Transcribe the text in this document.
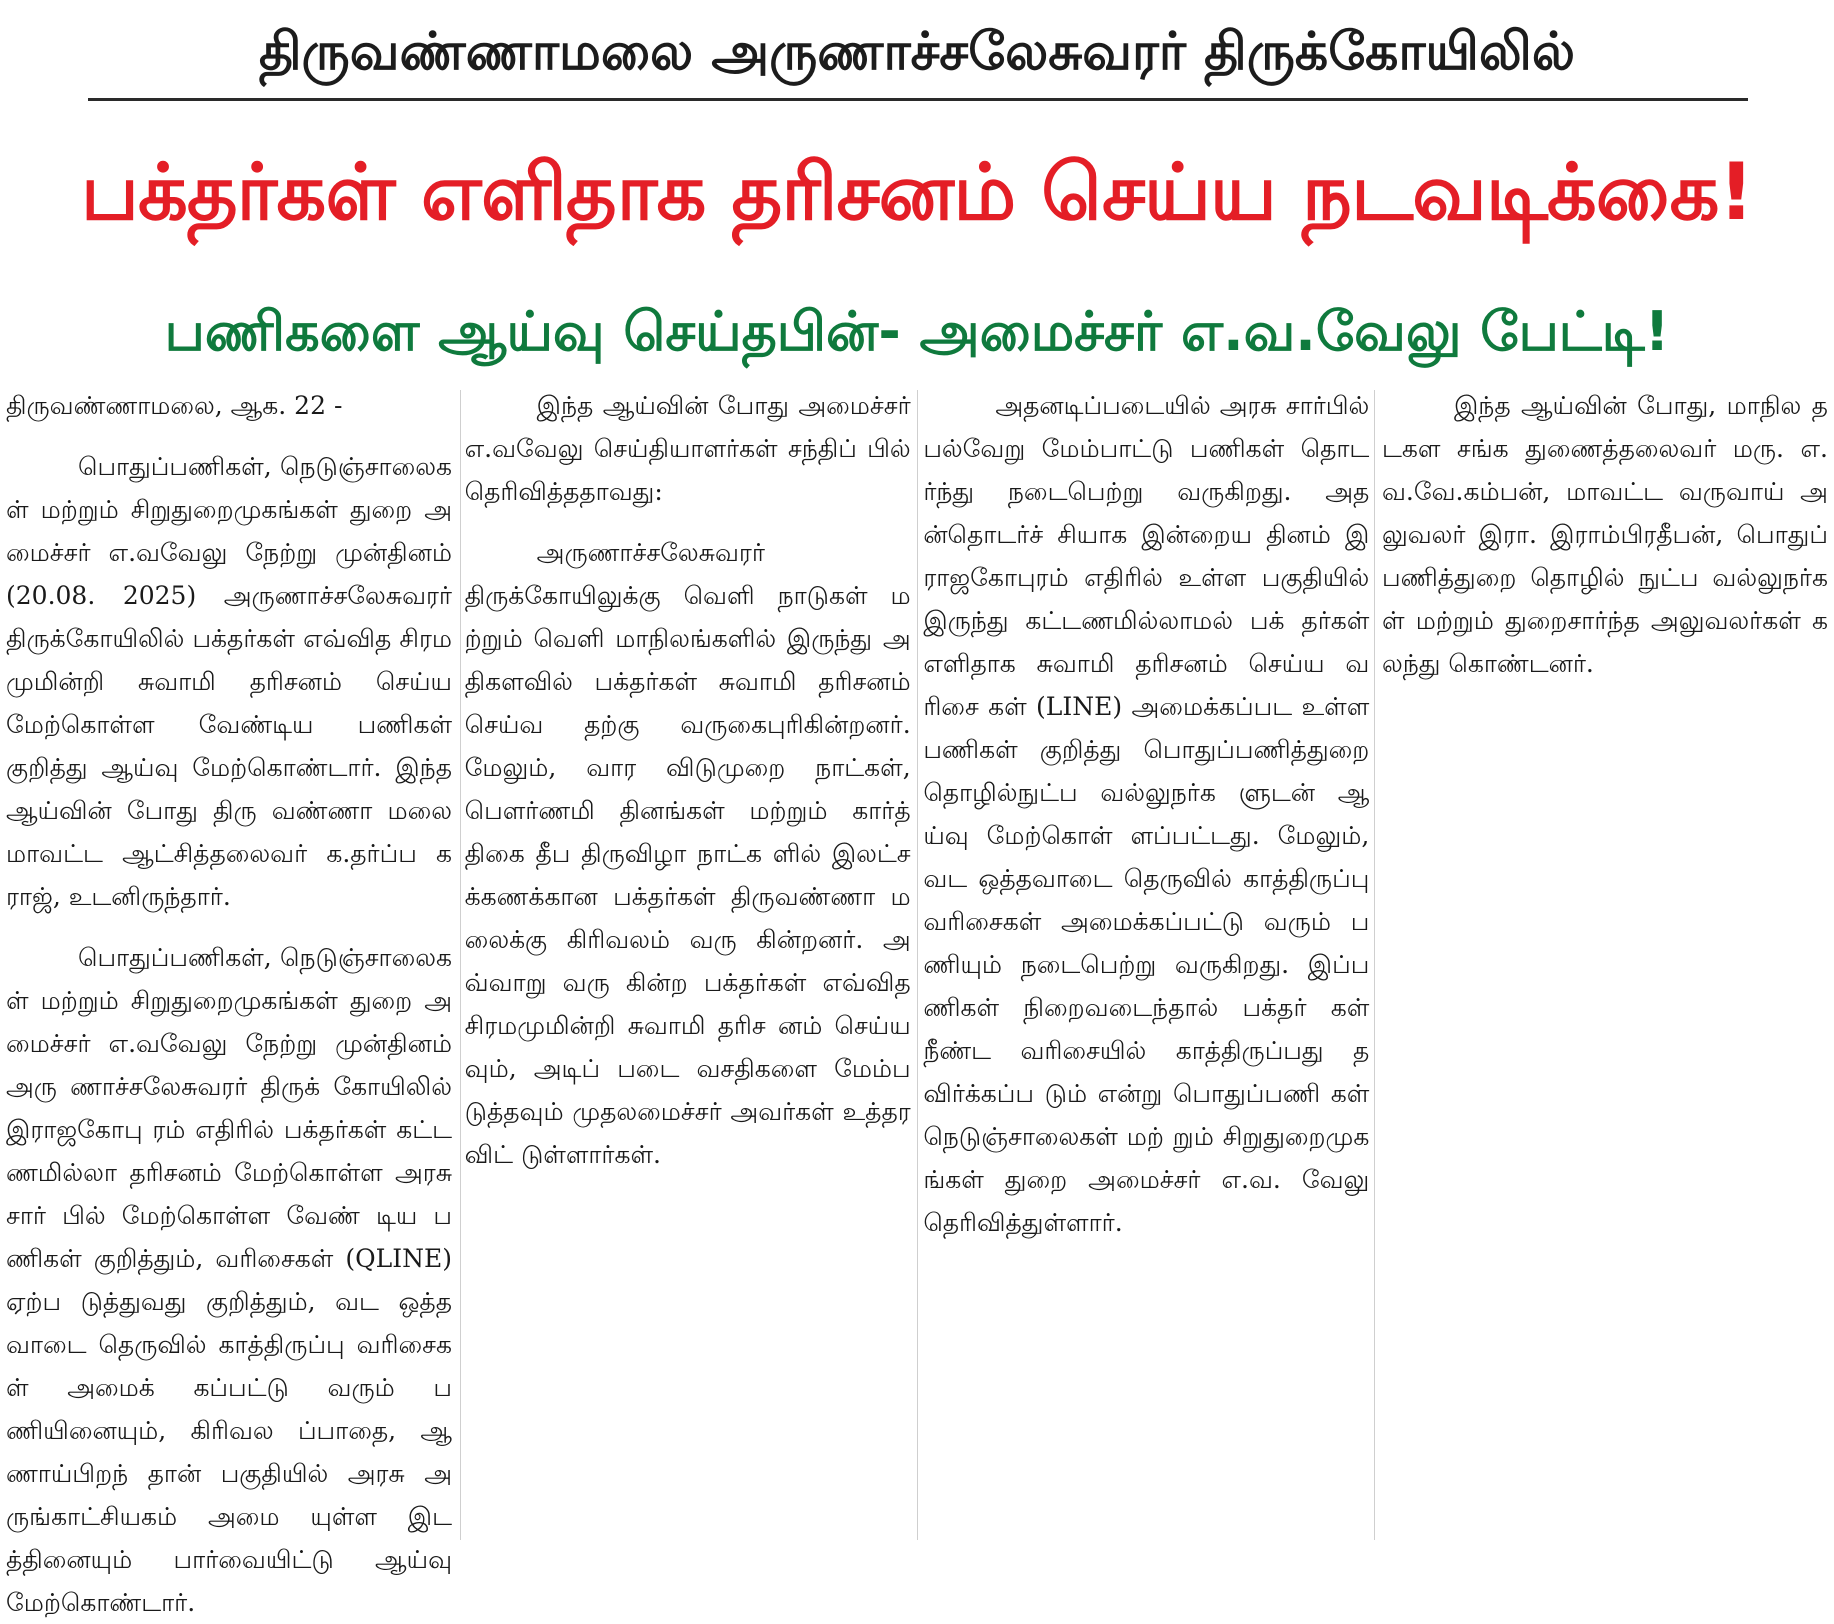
திருவண்ணாமலை அருணாச்சலேசுவரர் திருக்கோயிலில்
பக்தர்கள் எளிதாக தரிசனம் செய்ய நடவடிக்கை!
பணிகளை ஆய்வு செய்தபின்- அமைச்சர் எ.வ.வேலு பேட்டி!

திருவண்ணாமலை, ஆக. 22 -

பொதுப்பணிகள், நெடுஞ்சாலைகள் மற்றும் சிறுதுறைமுகங்கள் துறை அமைச்சர் எ.வவேலு நேற்று முன்தினம் (20.08. 2025) அருணாச்சலேசுவரர் திருக்கோயிலில் பக்தர்கள் எவ்வித சிரமமுமின்றி சுவாமி தரிசனம் செய்ய மேற்கொள்ள வேண்டிய பணிகள் குறித்து ஆய்வு மேற்கொண்டார். இந்த ஆய்வின் போது திரு வண்ணா மலை மாவட்ட ஆட்சித்தலைவர் க.தர்ப்ப கராஜ், உடனிருந்தார்.

பொதுப்பணிகள், நெடுஞ்சாலைகள் மற்றும் சிறுதுறைமுகங்கள் துறை அமைச்சர் எ.வவேலு நேற்று முன்தினம் அரு ணாச்சலேசுவரர் திருக் கோயிலில் இராஜகோபு ரம் எதிரில் பக்தர்கள் கட்டணமில்லா தரிசனம் மேற்கொள்ள அரசு சார் பில் மேற்கொள்ள வேண் டிய பணிகள் குறித்தும், வரிசைகள் (QLINE) ஏற்ப டுத்துவது குறித்தும், வட ஒத்தவாடை தெருவில் காத்திருப்பு வரிசைகள் அமைக் கப்பட்டு வரும் பணியினையும், கிரிவல ப்பாதை, ஆணாய்பிறந் தான் பகுதியில் அரசு அருங்காட்சியகம் அமை யுள்ள இடத்தினையும் பார்வையிட்டு ஆய்வு மேற்கொண்டார்.

இந்த ஆய்வின் போது அமைச்சர் எ.வவேலு செய்தியாளர்கள் சந்திப் பில் தெரிவித்ததாவது:

அருணாச்சலேசுவரர் திருக்கோயிலுக்கு வெளி நாடுகள் மற்றும் வெளி மாநிலங்களில் இருந்து அதிகளவில் பக்தர்கள் சுவாமி தரிசனம் செய்வ தற்கு வருகைபுரிகின்றனர். மேலும், வார விடுமுறை நாட்கள், பௌர்ணமி தினங்கள் மற்றும் கார்த் திகை தீப திருவிழா நாட்க ளில் இலட்சக்கணக்கான பக்தர்கள் திருவண்ணா மலைக்கு கிரிவலம் வரு கின்றனர். அவ்வாறு வரு கின்ற பக்தர்கள் எவ்வித சிரமமுமின்றி சுவாமி தரிச னம் செய்யவும், அடிப் படை வசதிகளை மேம்ப டுத்தவும் முதலமைச்சர் அவர்கள் உத்தரவிட் டுள்ளார்கள்.

அதனடிப்படையில் அரசு சார்பில் பல்வேறு மேம்பாட்டு பணிகள் தொடர்ந்து நடைபெற்று வருகிறது. அதன்தொடர்ச் சியாக இன்றைய தினம் இராஜகோபுரம் எதிரில் உள்ள பகுதியில் இருந்து கட்டணமில்லாமல் பக் தர்கள் எளிதாக சுவாமி தரிசனம் செய்ய வரிசை கள் (LINE) அமைக்கப்பட உள்ள பணிகள் குறித்து பொதுப்பணித்துறை தொழில்நுட்ப வல்லுநர்க ளுடன் ஆய்வு மேற்கொள் ளப்பட்டது. மேலும், வட ஒத்தவாடை தெருவில் காத்திருப்பு வரிசைகள் அமைக்கப்பட்டு வரும் பணியும் நடைபெற்று வருகிறது. இப்பணிகள் நிறைவடைந்தால் பக்தர் கள் நீண்ட வரிசையில் காத்திருப்பது தவிர்க்கப்ப டும் என்று பொதுப்பணி கள் நெடுஞ்சாலைகள் மற் றும் சிறுதுறைமுகங்கள் துறை அமைச்சர் எ.வ. வேலு தெரிவித்துள்ளார்.

இந்த ஆய்வின் போது, மாநில தடகள சங்க துணைத்தலைவர் மரு. எ. வ.வே.கம்பன், மாவட்ட வருவாய் அலுவலர் இரா. இராம்பிரதீபன், பொதுப் பணித்துறை தொழில் நுட்ப வல்லுநர்கள் மற்றும் துறைசார்ந்த அலுவலர்கள் கலந்து கொண்டனர்.
